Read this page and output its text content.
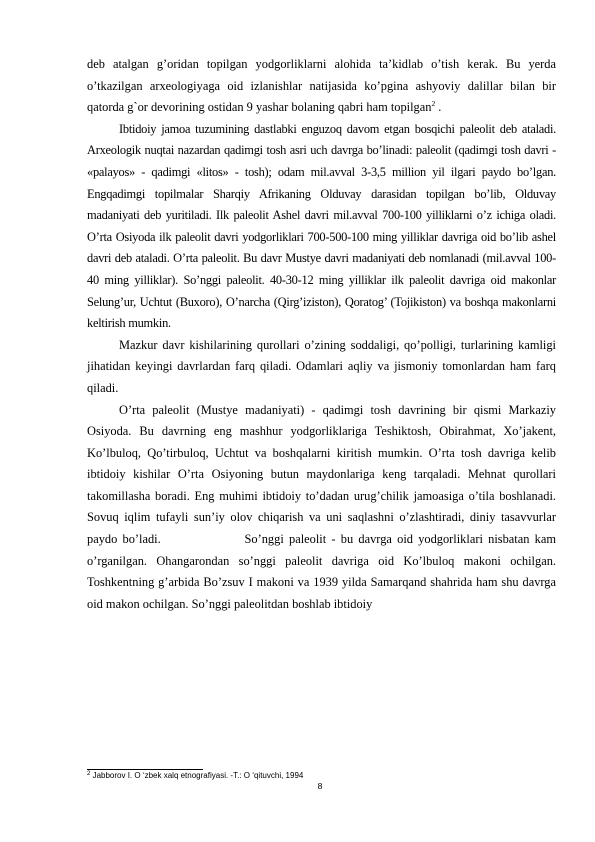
deb atalgan g’oridan topilgan yodgorliklarni alohida ta’kidlab o’tish kerak. Bu yerda o’tkazilgan arxeologiyaga oid izlanishlar natijasida ko’pgina ashyoviy dalillar bilan bir qatorda g`or devorining ostidan 9 yashar bolaning qabri ham topilgan$^2$ .

Ibtidoiy jamoa tuzumining dastlabki enguzoq davom etgan bosqichi paleolit deb ataladi. Arxeologik nuqtai nazardan qadimgi tosh asri uch davrga bo’linadi: paleolit (qadimgi tosh davri - «palayos» - qadimgi «litos» - tosh); odam mil.avval 3-3,5 million yil ilgari paydo bo’lgan. Engqadimgi topilmalar Sharqiy Afrikaning Olduvay darasidan topilgan bo’lib, Olduvay madaniyati deb yuritiladi. Ilk paleolit Ashel davri mil.avval 700-100 yilliklarni o’z ichiga oladi. O’rta Osiyoda ilk paleolit davri yodgorliklari 700-500-100 ming yilliklar davriga oid bo’lib ashel davri deb ataladi. O’rta paleolit. Bu davr Mustye davri madaniyati deb nomlanadi (mil.avval 100-40 ming yilliklar). So’nggi paleolit. 40-30-12 ming yilliklar ilk paleolit davriga oid makonlar Selung’ur, Uchtut (Buxoro), O’narcha (Qirg’iziston), Qoratog’ (Tojikiston) va boshqa makonlarni keltirish mumkin.

Mazkur davr kishilarining qurollari o’zining soddaligi, qo’polligi, turlarining kamligi jihatidan keyingi davrlardan farq qiladi. Odamlari aqliy va jismoniy tomonlardan ham farq qiladi.

O’rta paleolit (Mustye madaniyati) - qadimgi tosh davrining bir qismi Markaziy Osiyoda. Bu davrning eng mashhur yodgorliklariga Teshiktosh, Obirahmat, Xo’jakent, Ko’lbuloq, Qo’tirbuloq, Uchtut va boshqalarni kiritish mumkin. O’rta tosh davriga kelib ibtidoiy kishilar O’rta Osiyoning butun maydonlariga keng tarqaladi. Mehnat qurollari takomillasha boradi. Eng muhimi ibtidoiy to’dadan urug’chilik jamoasiga o’tila boshlanadi. Sovuq iqlim tufayli sun’iy olov chiqarish va uni saqlashni o’zlashtiradi, diniy tasavvurlar paydo bo’ladi.                So’nggi paleolit - bu davrga oid yodgorliklari nisbatan kam o’rganilgan. Ohangarondan so’nggi paleolit davriga oid Ko’lbuloq makoni ochilgan. Toshkentning g’arbida Bo’zsuv I makoni va 1939 yilda Samarqand shahrida ham shu davrga oid makon ochilgan. So’nggi paleolitdan boshlab ibtidoiy

$^2$ Jabborov I. O ‘zbek xalq etnografiyasi. -T.: O ‘qituvchi, 1994
8
